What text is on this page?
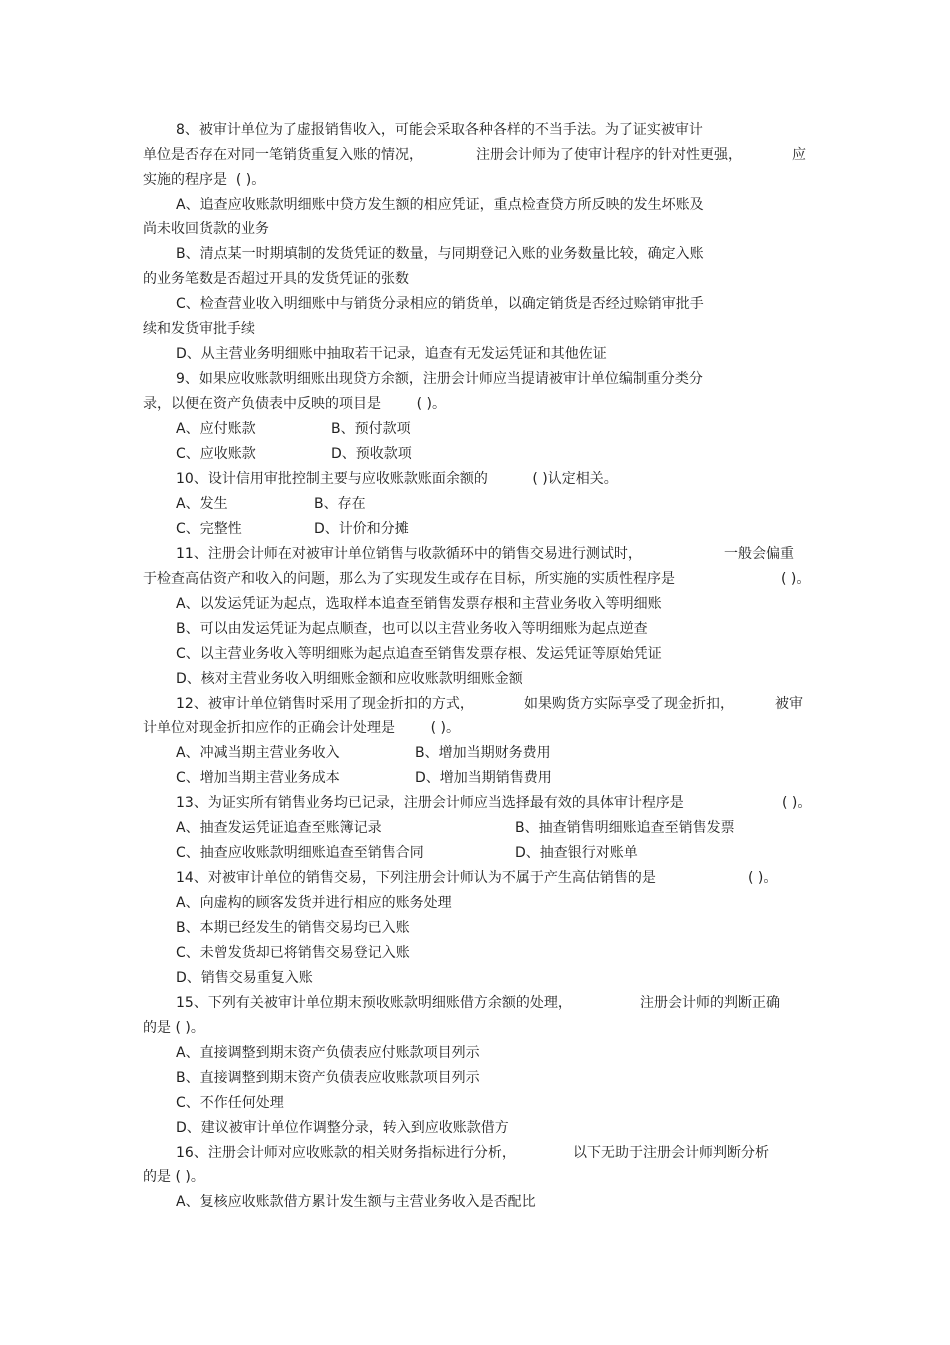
8、被审计单位为了虚报销售收入，可能会采取各种各样的不当手法。为了证实被审计
单位是否存在对同一笔销货重复入账的情况，	注册会计师为了使审计程序的针对性更强，	应
实施的程序是  ( )。
A、追查应收账款明细账中贷方发生额的相应凭证，重点检查贷方所反映的发生坏账及
尚未收回货款的业务
B、清点某一时期填制的发货凭证的数量，与同期登记入账的业务数量比较，确定入账
的业务笔数是否超过开具的发货凭证的张数
C、检查营业收入明细账中与销货分录相应的销货单，以确定销货是否经过赊销审批手
续和发货审批手续
D、从主营业务明细账中抽取若干记录，追查有无发运凭证和其他佐证
9、如果应收账款明细账出现贷方余额，注册会计师应当提请被审计单位编制重分类分
录，以便在资产负债表中反映的项目是        ( )。
A、应付账款	B、预付款项
C、应收账款	D、预收款项
10、设计信用审批控制主要与应收账款账面余额的          ( )认定相关。
A、发生	B、存在
C、完整性	D、计价和分摊
11、注册会计师在对被审计单位销售与收款循环中的销售交易进行测试时，	一般会偏重
于检查高估资产和收入的问题，那么为了实现发生或存在目标，所实施的实质性程序是	( )。
A、以发运凭证为起点，选取样本追查至销售发票存根和主营业务收入等明细账
B、可以由发运凭证为起点顺查，也可以以主营业务收入等明细账为起点逆查
C、以主营业务收入等明细账为起点追查至销售发票存根、发运凭证等原始凭证
D、核对主营业务收入明细账金额和应收账款明细账金额
12、被审计单位销售时采用了现金折扣的方式，	如果购货方实际享受了现金折扣，	被审
计单位对现金折扣应作的正确会计处理是        ( )。
A、冲减当期主营业务收入	B、增加当期财务费用
C、增加当期主营业务成本	D、增加当期销售费用
13、为证实所有销售业务均已记录，注册会计师应当选择最有效的具体审计程序是	( )。
A、抽查发运凭证追查至账簿记录	B、抽查销售明细账追查至销售发票
C、抽查应收账款明细账追查至销售合同	D、抽查银行对账单
14、对被审计单位的销售交易，下列注册会计师认为不属于产生高估销售的是	( )。
A、向虚构的顾客发货并进行相应的账务处理
B、本期已经发生的销售交易均已入账
C、未曾发货却已将销售交易登记入账
D、销售交易重复入账
15、下列有关被审计单位期末预收账款明细账借方余额的处理，	注册会计师的判断正确
的是 ( )。
A、直接调整到期末资产负债表应付账款项目列示
B、直接调整到期末资产负债表应收账款项目列示
C、不作任何处理
D、建议被审计单位作调整分录，转入到应收账款借方
16、注册会计师对应收账款的相关财务指标进行分析，	以下无助于注册会计师判断分析
的是 ( )。
A、复核应收账款借方累计发生额与主营业务收入是否配比
